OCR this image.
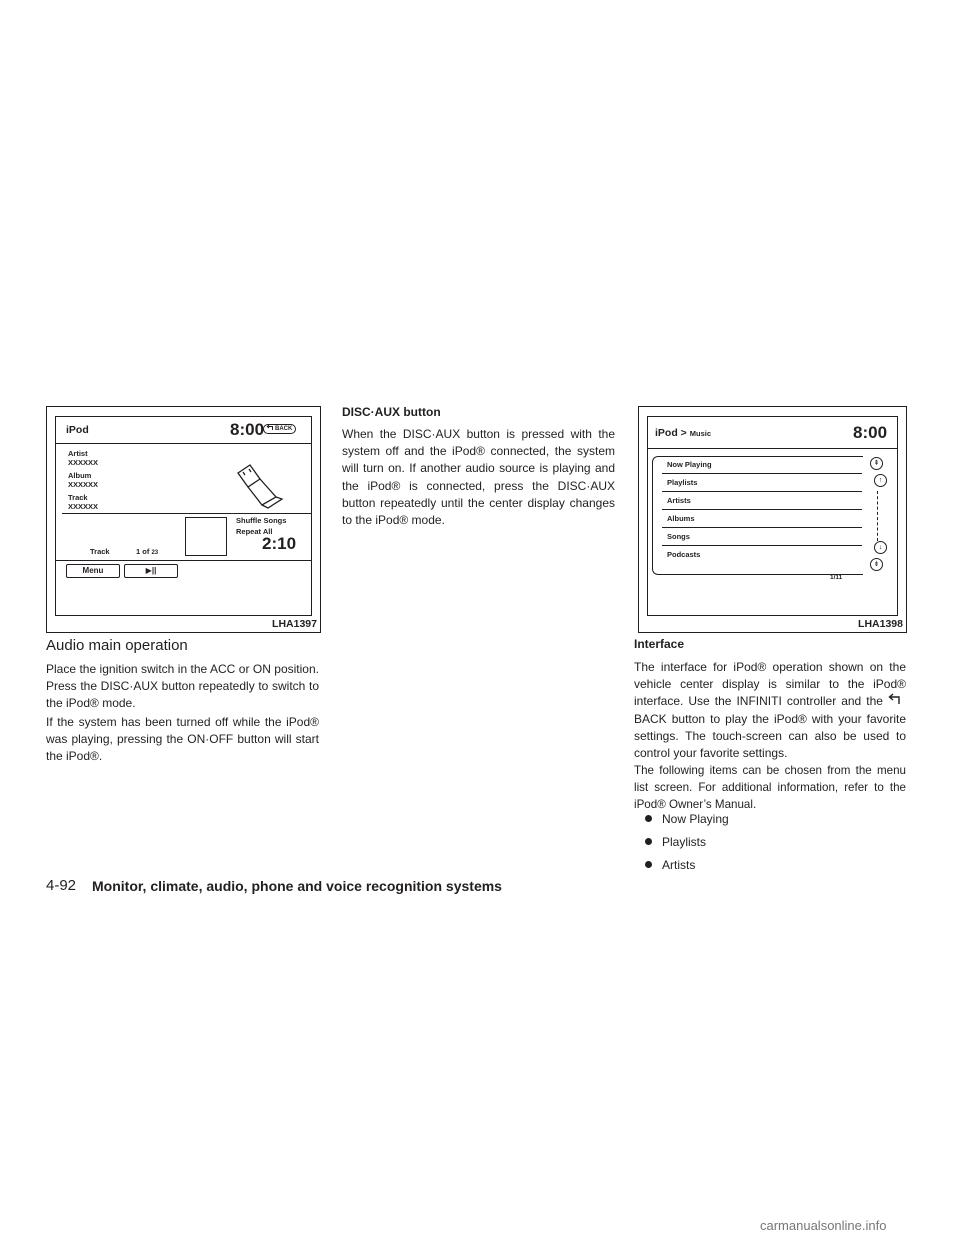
iPod	8:00 BACK
Artist
XXXXXX
Album
XXXXXX
Track
XXXXXX
Shuffle Songs
Repeat All
2:10
Track	1 of 23
Menu	▶||
LHA1397
iPod > Music	8:00
Now Playing
Playlists
Artists
Albums
Songs
Podcasts
⇞
↑
↓
⇟
1/11
LHA1398
Audio main operation
Place the ignition switch in the ACC or ON position. Press the DISC·AUX button repeatedly to switch to the iPod® mode.
If the system has been turned off while the iPod® was playing, pressing the ON·OFF button will start the iPod®.
DISC·AUX button
When the DISC·AUX button is pressed with the system off and the iPod® connected, the system will turn on. If another audio source is playing and the iPod® is connected, press the DISC·AUX button repeatedly until the center display changes to the iPod® mode.
Interface
The interface for iPod® operation shown on the vehicle center display is similar to the iPod® interface. Use the INFINITI controller and the  BACK button to play the iPod® with your favorite settings. The touch-screen can also be used to control your favorite settings.
The following items can be chosen from the menu list screen. For additional information, refer to the iPod® Owner’s Manual.
Now Playing
Playlists
Artists
4-92 Monitor, climate, audio, phone and voice recognition systems
carmanualsonline.info
